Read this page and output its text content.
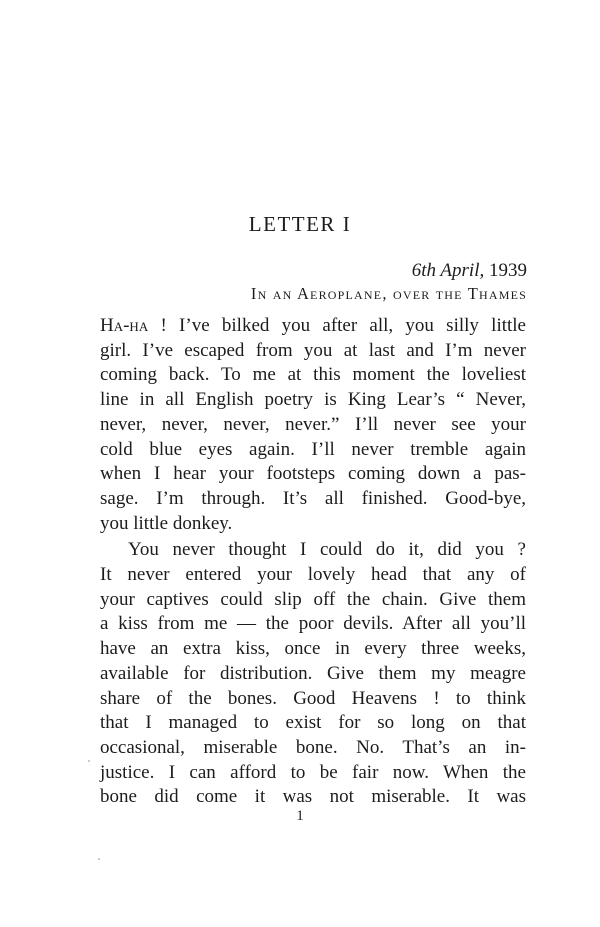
LETTER I
6th April, 1939
In an Aeroplane, over the Thames
Ha-ha ! I’ve bilked you after all, you silly little
girl. I’ve escaped from you at last and I’m never
coming back. To me at this moment the loveliest
line in all English poetry is King Lear’s “ Never,
never, never, never, never.” I’ll never see your
cold blue eyes again. I’ll never tremble again
when I hear your footsteps coming down a pas-
sage. I’m through. It’s all finished. Good-bye,
you little donkey.
You never thought I could do it, did you ?
It never entered your lovely head that any of
your captives could slip off the chain. Give them
a kiss from me — the poor devils. After all you’ll
have an extra kiss, once in every three weeks,
available for distribution. Give them my meagre
share of the bones. Good Heavens ! to think
that I managed to exist for so long on that
occasional, miserable bone. No. That’s an in-
justice. I can afford to be fair now. When the
bone did come it was not miserable. It was
1
